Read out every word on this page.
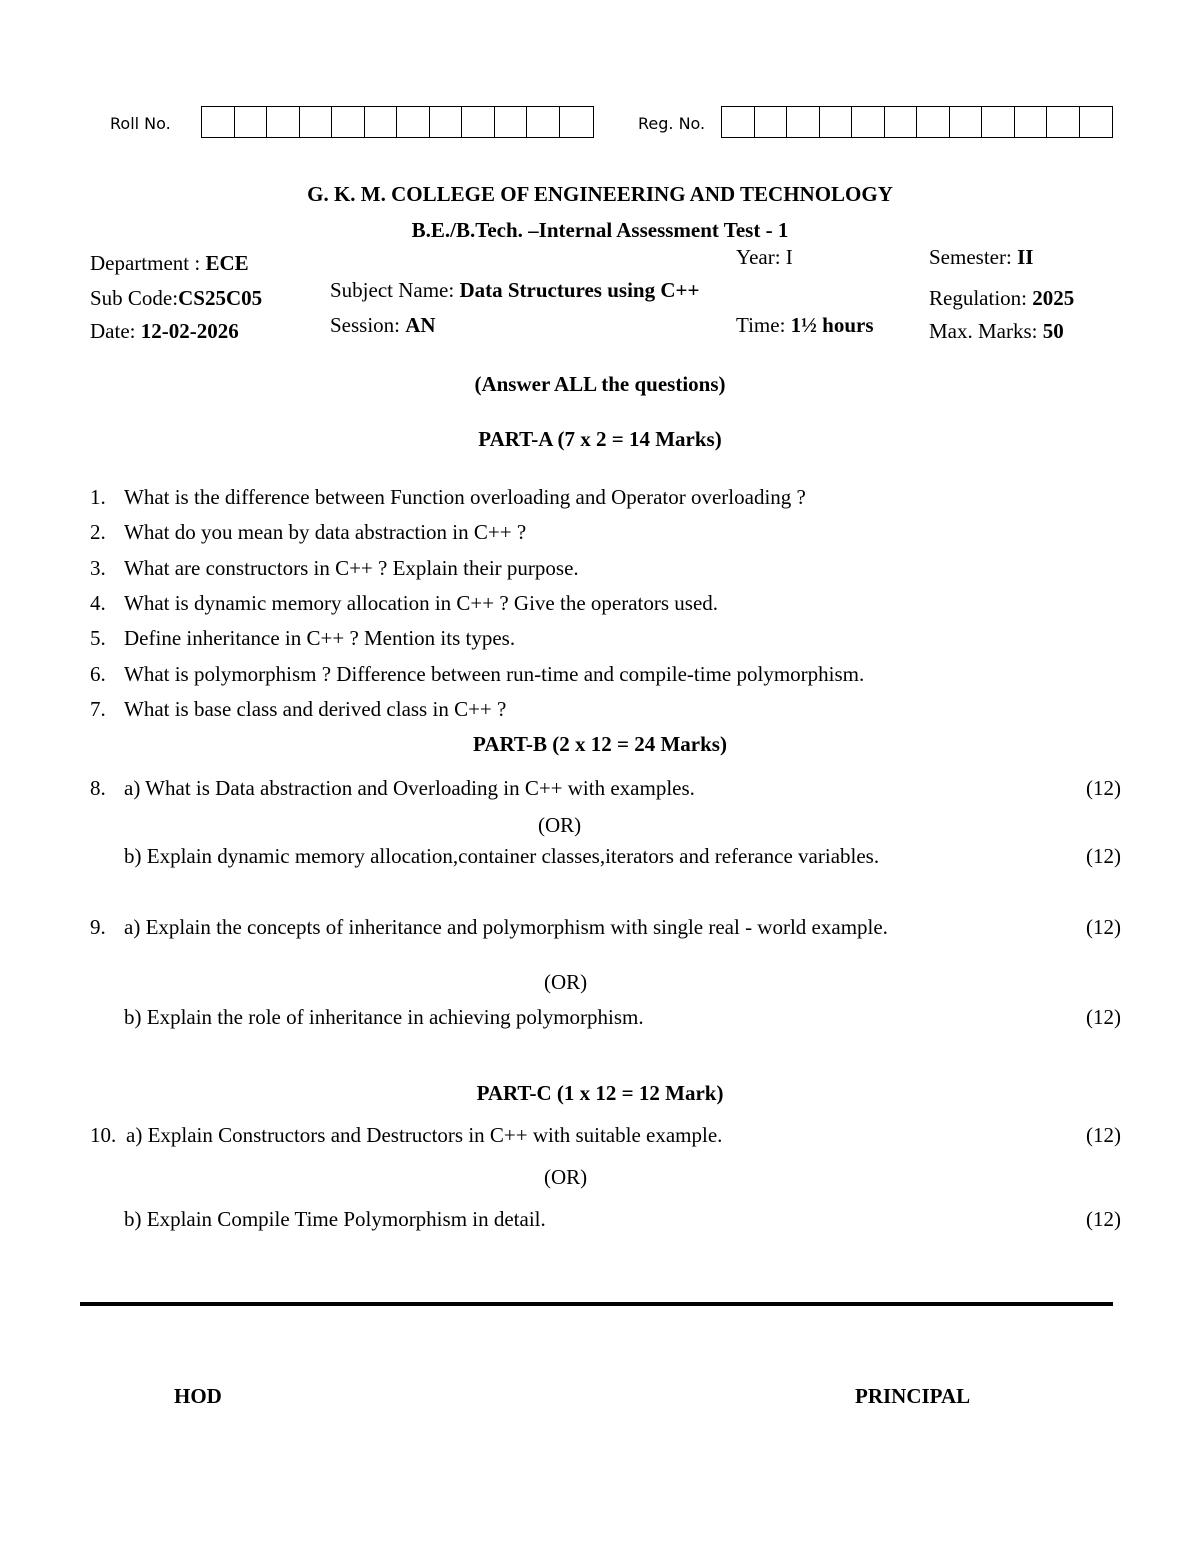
Roll No.	Reg. No.
G. K. M. COLLEGE OF ENGINEERING AND TECHNOLOGY
B.E./B.Tech. –Internal Assessment Test - 1
Department : ECE	Year: I	Semester: II
Sub Code:CS25C05	Subject Name: Data Structures using C++	Regulation: 2025
Date: 12-02-2026	Session: AN	Time: 1½ hours	Max. Marks: 50
(Answer ALL the questions)
PART-A (7 x 2 = 14 Marks)
1. What is the difference between Function overloading and Operator overloading ?
2. What do you mean by data abstraction in C++ ?
3. What are constructors in C++ ? Explain their purpose.
4. What is dynamic memory allocation in C++ ? Give the operators used.
5. Define inheritance in C++ ? Mention its types.
6. What is polymorphism ? Difference between run-time and compile-time polymorphism.
7. What is base class and derived class in C++ ?
PART-B (2 x 12 = 24 Marks)
8. a) What is Data abstraction and Overloading in C++ with examples.	(12)
(OR)
b) Explain dynamic memory allocation,container classes,iterators and referance variables.	(12)
9. a) Explain the concepts of inheritance and polymorphism with single real - world example.	(12)
(OR)
b) Explain the role of inheritance in achieving polymorphism.	(12)
PART-C (1 x 12 = 12 Mark)
10. a) Explain Constructors and Destructors in C++ with suitable example.	(12)
(OR)
b) Explain Compile Time Polymorphism in detail.	(12)
HOD	PRINCIPAL
